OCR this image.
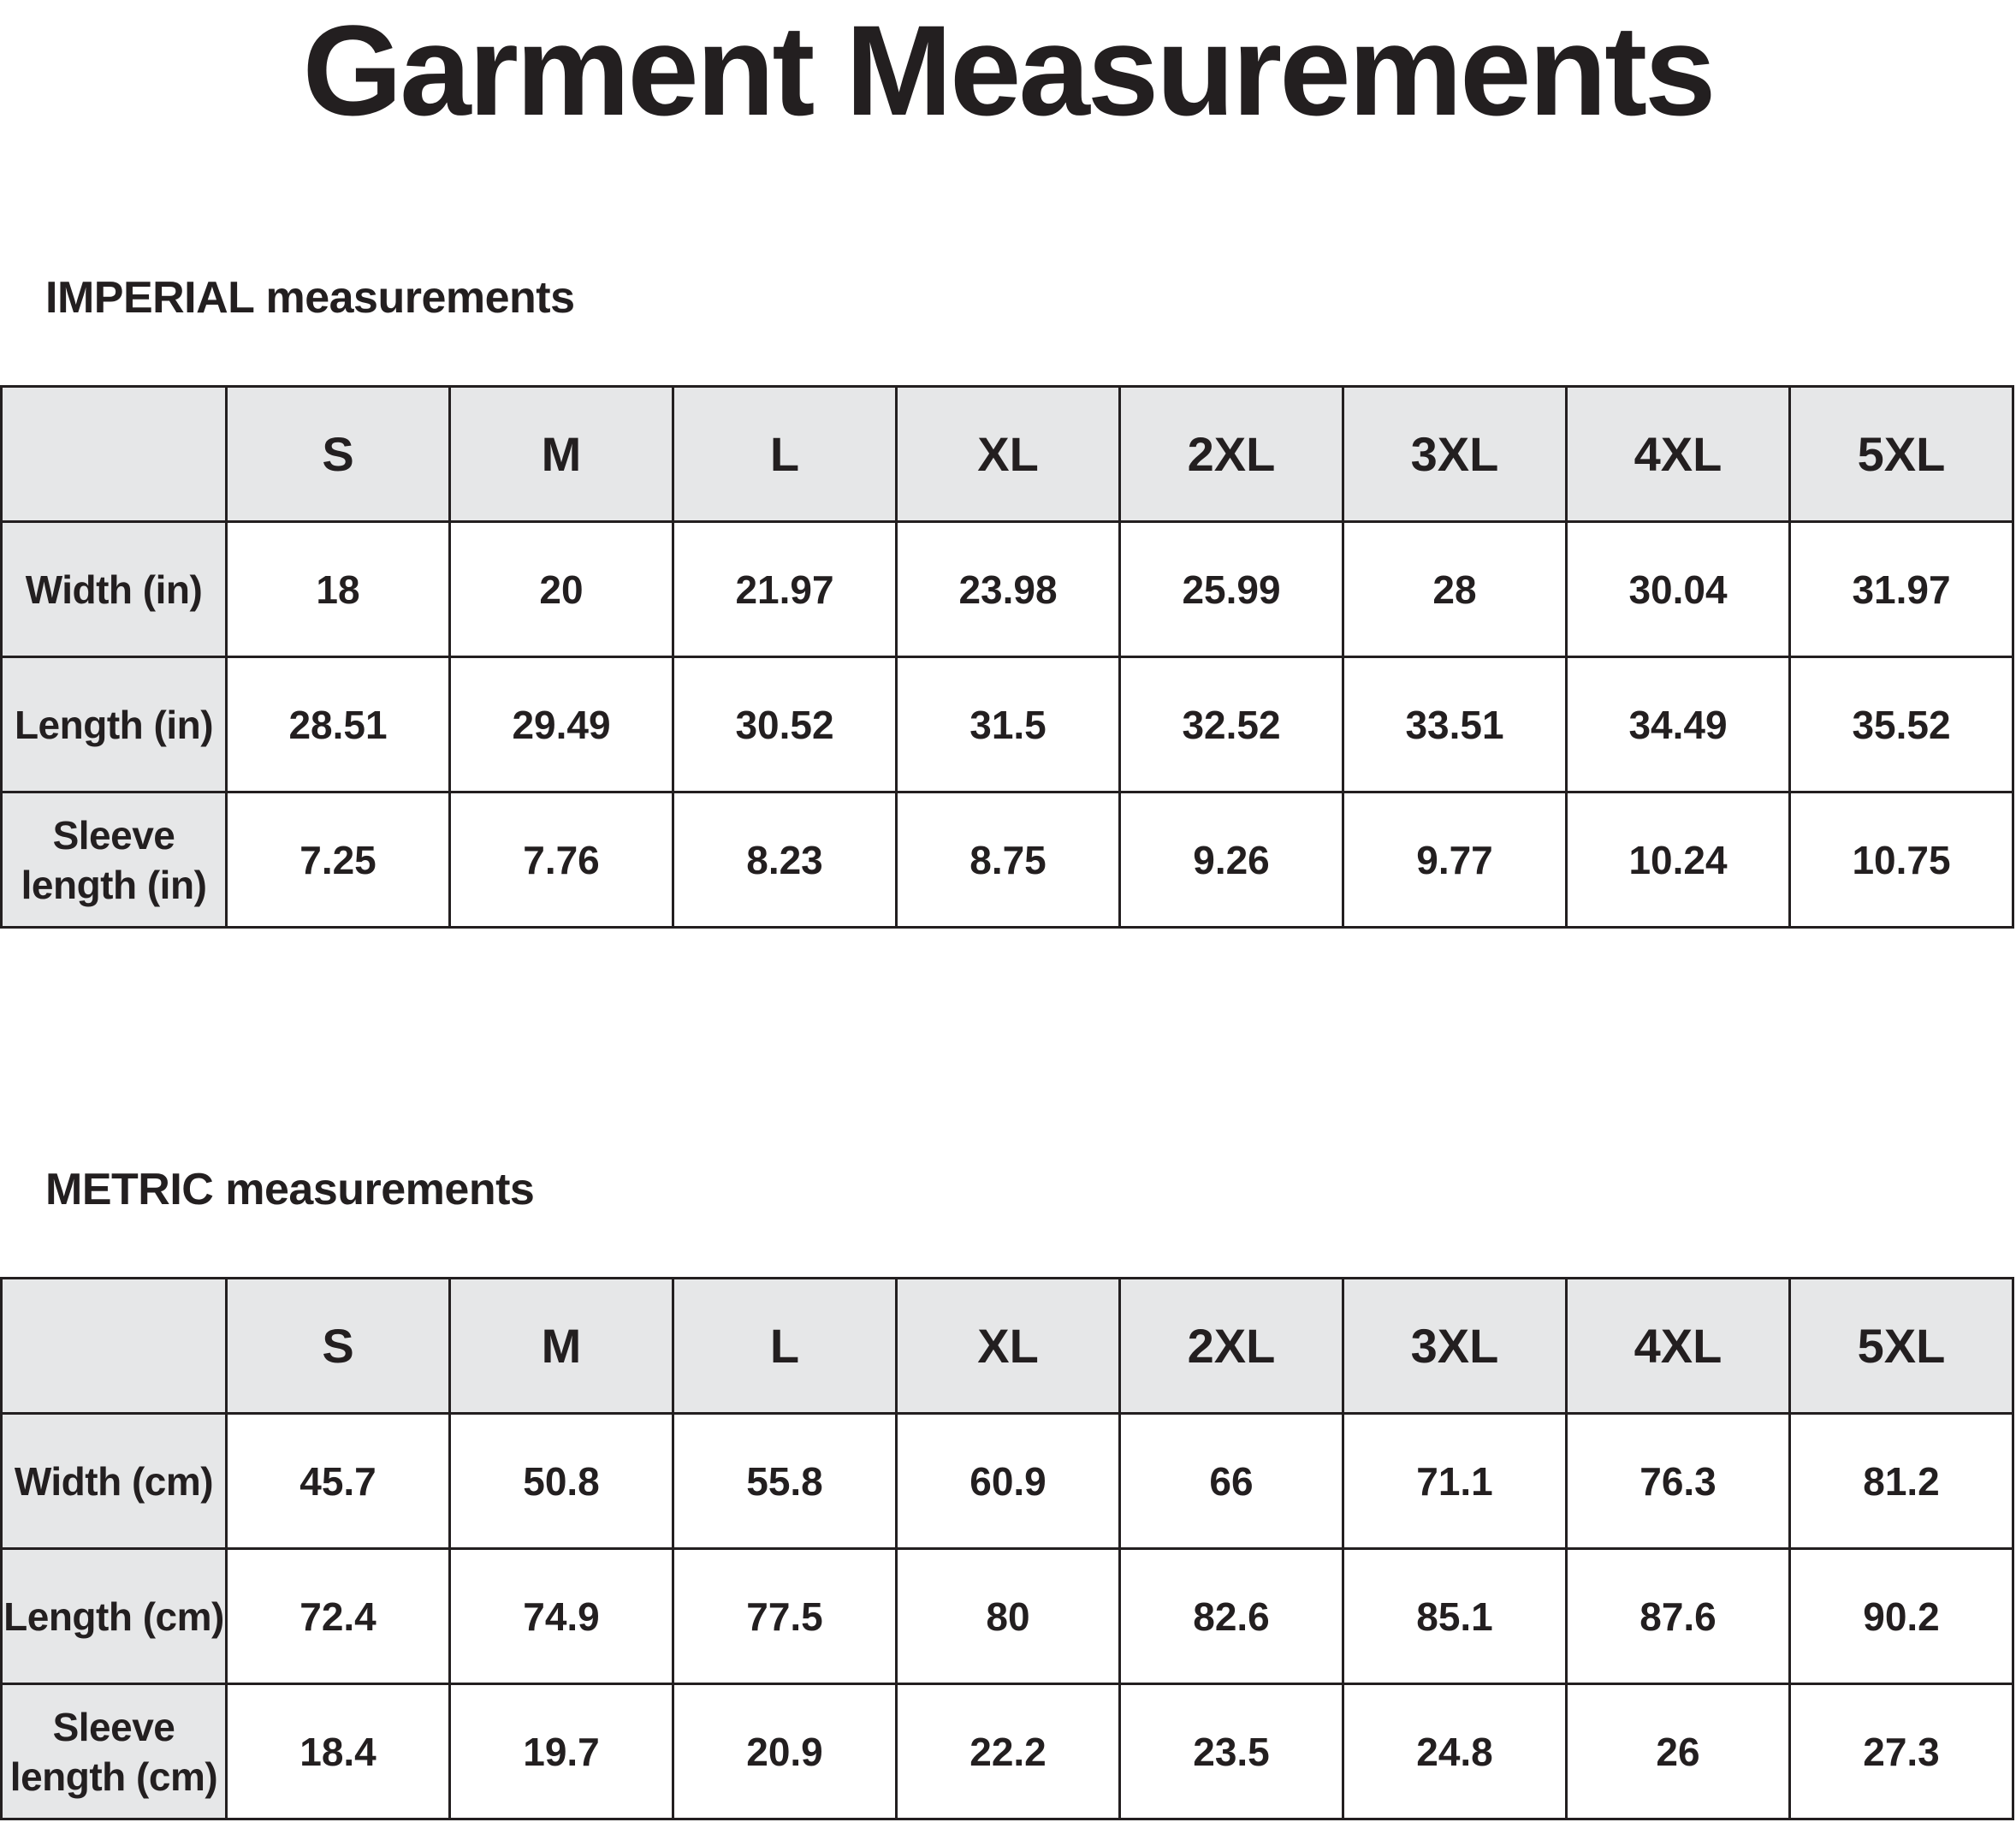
Garment Measurements
IMPERIAL measurements
	S	M	L	XL	2XL	3XL	4XL	5XL
Width (in)	18	20	21.97	23.98	25.99	28	30.04	31.97
Length (in)	28.51	29.49	30.52	31.5	32.52	33.51	34.49	35.52
Sleeve length (in)	7.25	7.76	8.23	8.75	9.26	9.77	10.24	10.75
METRIC measurements
	S	M	L	XL	2XL	3XL	4XL	5XL
Width (cm)	45.7	50.8	55.8	60.9	66	71.1	76.3	81.2
Length (cm)	72.4	74.9	77.5	80	82.6	85.1	87.6	90.2
Sleeve length (cm)	18.4	19.7	20.9	22.2	23.5	24.8	26	27.3
